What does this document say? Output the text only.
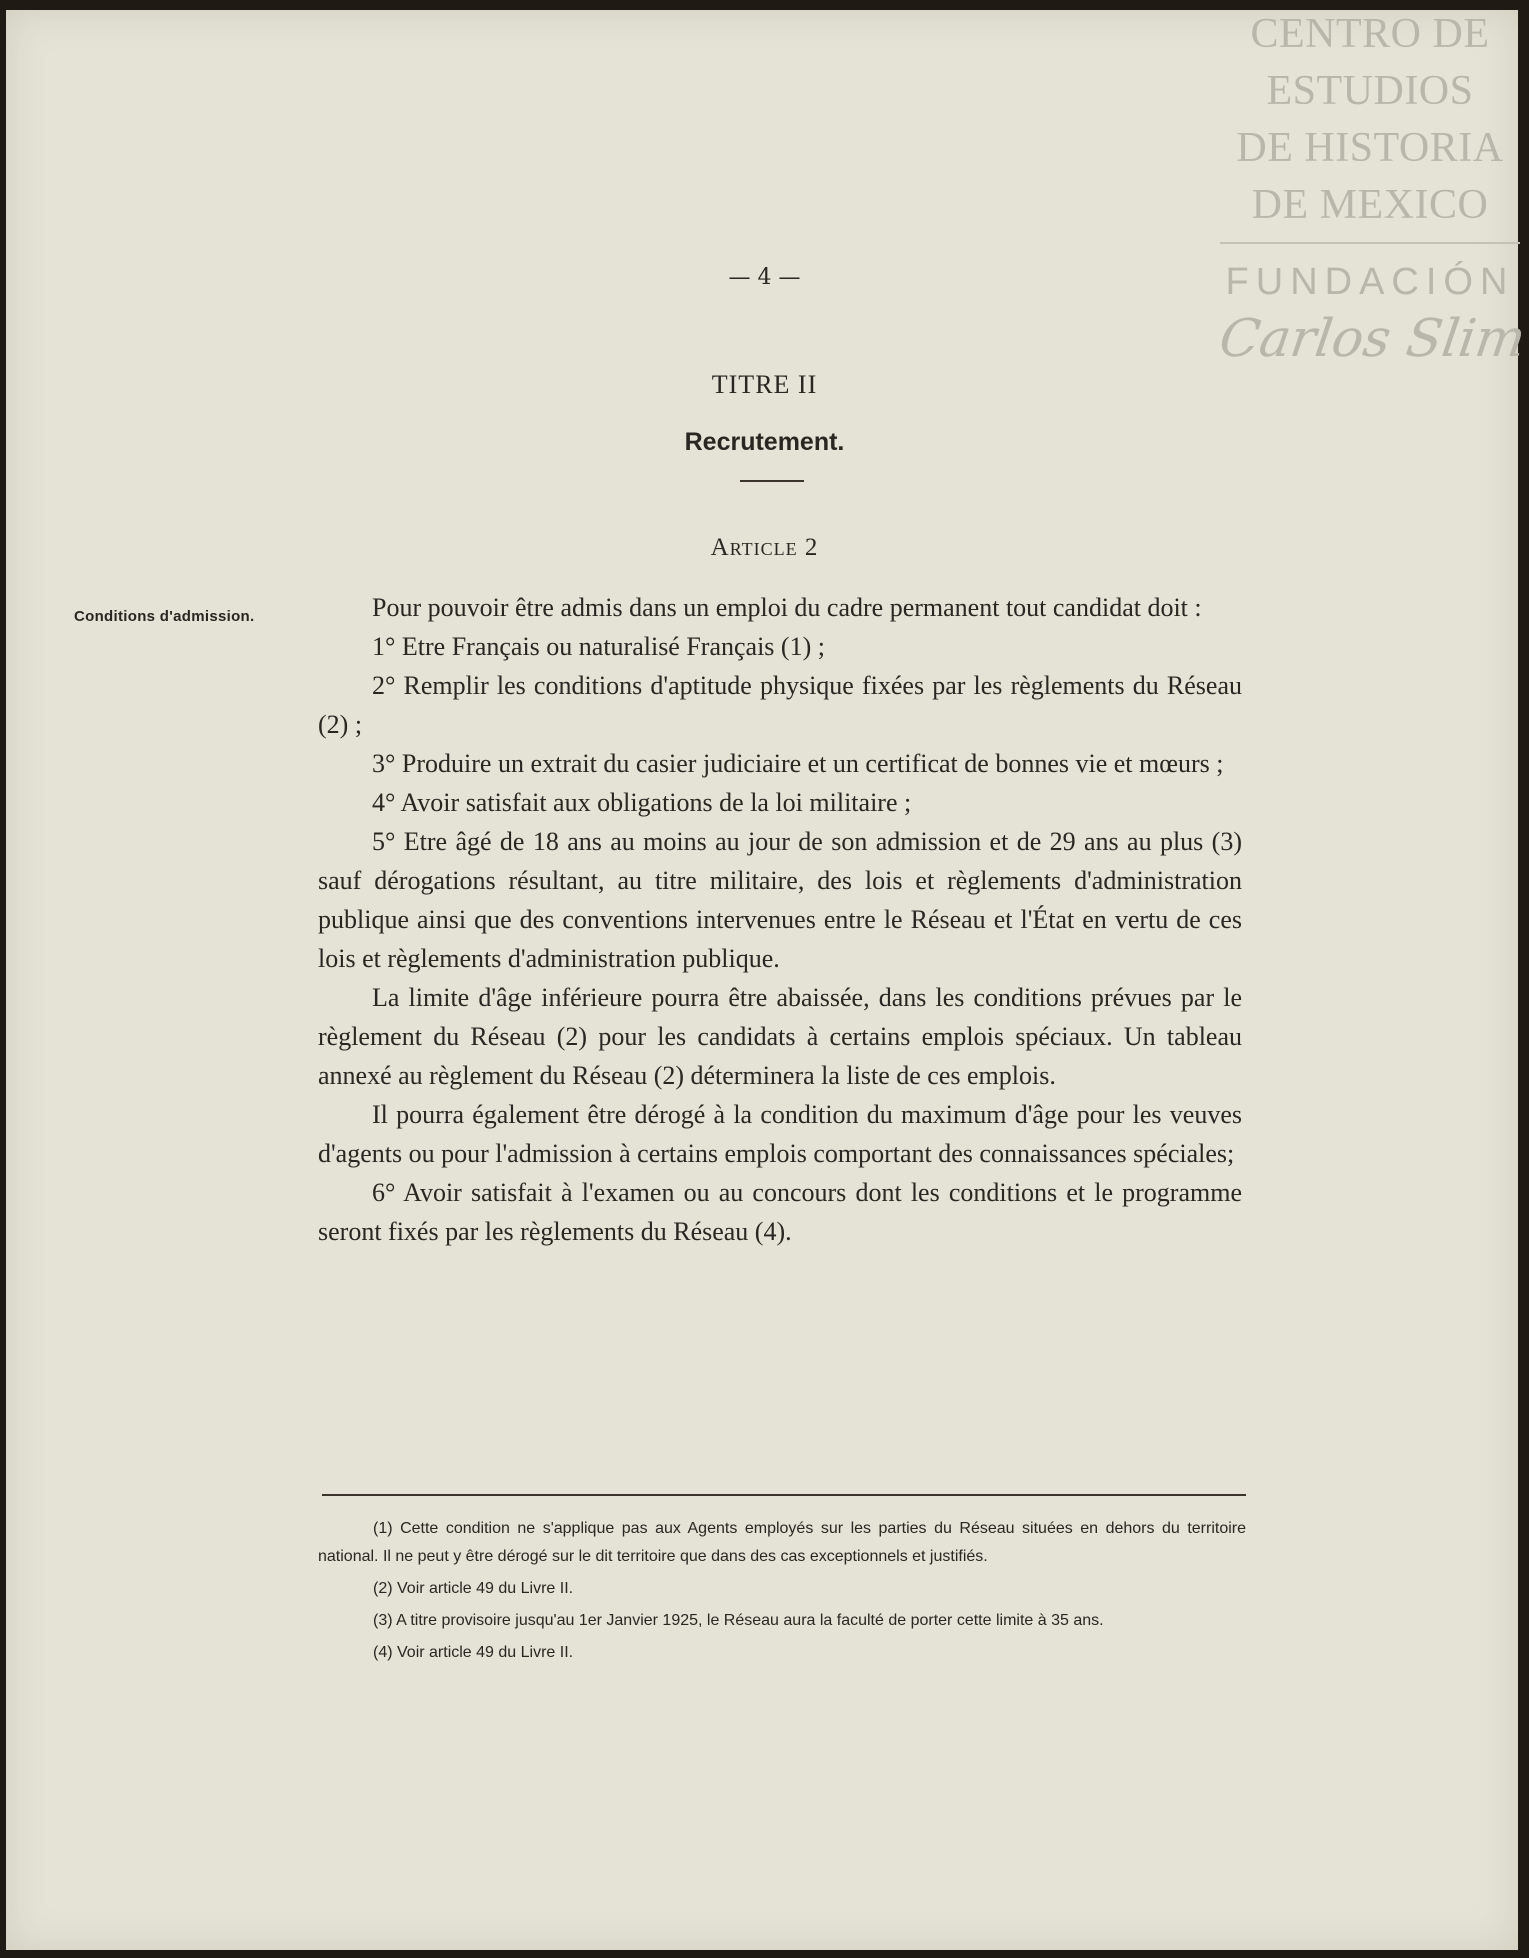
CENTRO DE
ESTUDIOS
DE HISTORIA
DE MEXICO
FUNDACIÓN
Carlos Slim
— 4 —
TITRE II
Recrutement.
Article 2
Conditions d'admission.	Pour pouvoir être admis dans un emploi du cadre permanent tout candidat doit :

1° Etre Français ou naturalisé Français (1) ;

2° Remplir les conditions d'aptitude physique fixées par les règlements du Réseau (2) ;

3° Produire un extrait du casier judiciaire et un certificat de bonnes vie et mœurs ;

4° Avoir satisfait aux obligations de la loi militaire ;

5° Etre âgé de 18 ans au moins au jour de son admission et de 29 ans au plus (3) sauf dérogations résultant, au titre militaire, des lois et règlements d'administration publique ainsi que des conventions intervenues entre le Réseau et l'État en vertu de ces lois et règlements d'administration publique.

La limite d'âge inférieure pourra être abaissée, dans les conditions prévues par le règlement du Réseau (2) pour les candidats à certains emplois spéciaux. Un tableau annexé au règlement du Réseau (2) déterminera la liste de ces emplois.

Il pourra également être dérogé à la condition du maximum d'âge pour les veuves d'agents ou pour l'admission à certains emplois comportant des connaissances spéciales;

6° Avoir satisfait à l'examen ou au concours dont les conditions et le programme seront fixés par les règlements du Réseau (4).

(1) Cette condition ne s'applique pas aux Agents employés sur les parties du Réseau situées en dehors du territoire national. Il ne peut y être dérogé sur le dit territoire que dans des cas exceptionnels et justifiés.

(2) Voir article 49 du Livre II.

(3) A titre provisoire jusqu'au 1er Janvier 1925, le Réseau aura la faculté de porter cette limite à 35 ans.

(4) Voir article 49 du Livre II.
